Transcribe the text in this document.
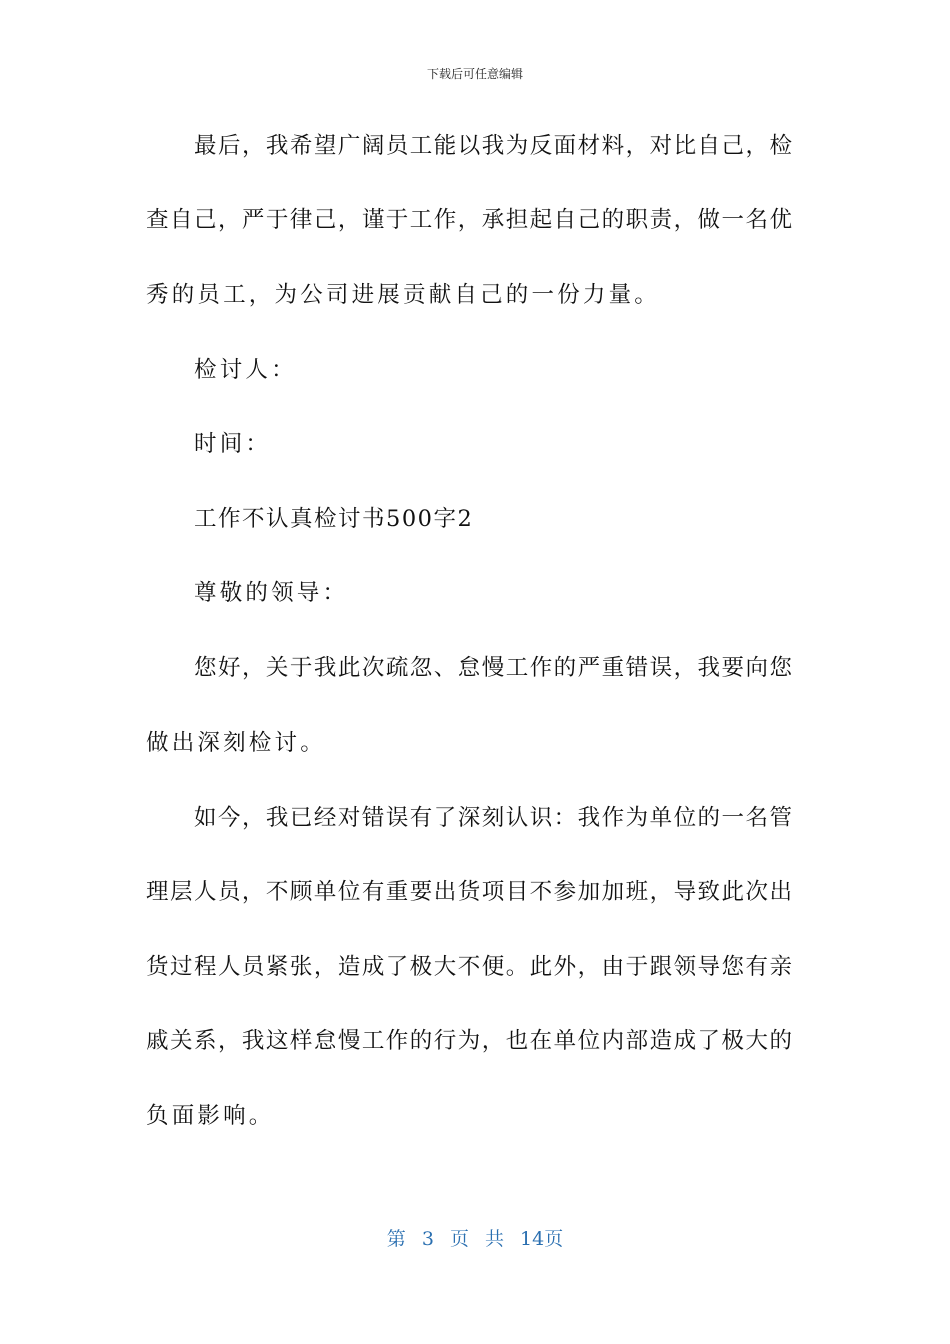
下载后可任意编辑
最后，我希望广阔员工能以我为反面材料，对比自己，检
查自己，严于律己，谨于工作，承担起自己的职责，做一名优
秀的员工，为公司进展贡献自己的一份力量。
检讨人：
时间：
工作不认真检讨书500字2
尊敬的领导：
您好，关于我此次疏忽、怠慢工作的严重错误，我要向您
做出深刻检讨。
如今，我已经对错误有了深刻认识：我作为单位的一名管
理层人员，不顾单位有重要出货项目不参加加班，导致此次出
货过程人员紧张，造成了极大不便。此外，由于跟领导您有亲
戚关系，我这样怠慢工作的行为，也在单位内部造成了极大的
负面影响。
第 3 页 共 14页
